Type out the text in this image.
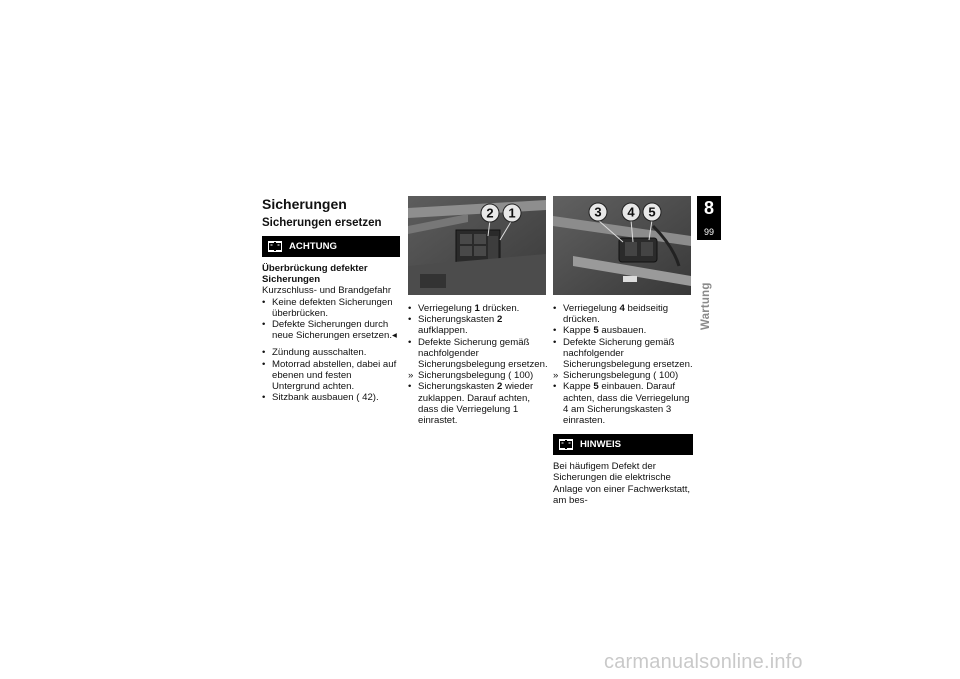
Sicherungen
Sicherungen ersetzen
ACHTUNG

Überbrückung defekter Sicherungen

Kurzschluss- und Brandgefahr

• Keine defekten Sicherungen überbrücken.
• Defekte Sicherungen durch neue Sicherungen ersetzen.◂
• Zündung ausschalten.
• Motorrad abstellen, dabei auf ebenen und festen Untergrund achten.
• Sitzbank ausbauen ( 42).
2 1
• Verriegelung 1 drücken.
• Sicherungskasten 2 aufklappen.
• Defekte Sicherung gemäß nachfolgender Sicherungsbelegung ersetzen.
» Sicherungsbelegung ( 100)
• Sicherungskasten 2 wieder zuklappen. Darauf achten, dass die Verriegelung 1 einrastet.
3 4 5
• Verriegelung 4 beidseitig drücken.
• Kappe 5 ausbauen.
• Defekte Sicherung gemäß nachfolgender Sicherungsbelegung ersetzen.
» Sicherungsbelegung ( 100)
• Kappe 5 einbauen. Darauf achten, dass die Verriegelung 4 am Sicherungskasten 3 einrasten.
HINWEIS

Bei häufigem Defekt der Sicherungen die elektrische Anlage von einer Fachwerkstatt, am bes-

8
99
Wartung
carmanualsonline.info
